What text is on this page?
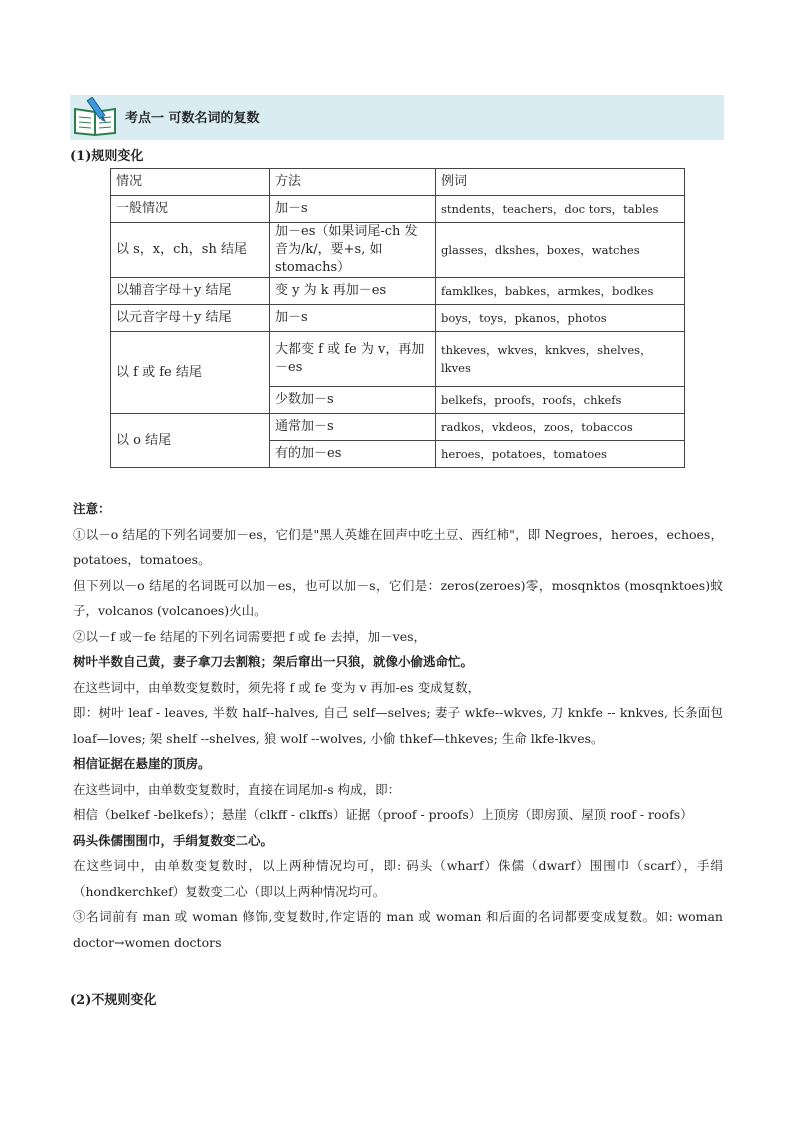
考点一 可数名词的复数
(1)规则变化
情况	方法	例词
一般情况	加－s	stndents，teachers，doc tors，tables
以 s，x，ch，sh 结尾	加－es（如果词尾-ch 发音为/k/，要+s, 如 stomachs）	glasses，dkshes，boxes，watches
以辅音字母＋y 结尾	变 y 为 k 再加－es	famklkes，babkes，armkes，bodkes
以元音字母＋y 结尾	加－s	boys，toys，pkanos，photos
以 f 或 fe 结尾	大都变 f 或 fe 为 v，再加－es	thkeves，wkves，knkves，shelves，lkves
	少数加－s	belkefs，proofs，roofs，chkefs
以 o 结尾	通常加－s	radkos，vkdeos，zoos，tobaccos
	有的加－es	heroes，potatoes，tomatoes

注意：

①以－o 结尾的下列名词要加－es，它们是"黑人英雄在回声中吃土豆、西红柿"，即 Negroes，heroes，echoes，potatoes，tomatoes。

但下列以－o 结尾的名词既可以加－es，也可以加－s，它们是：zeros(zeroes)零，mosqnktos (mosqnktoes)蚊子，volcanos (volcanoes)火山。

②以－f 或－fe 结尾的下列名词需要把 f 或 fe 去掉，加－ves，

树叶半数自己黄，妻子拿刀去割粮；架后窜出一只狼，就像小偷逃命忙。

在这些词中，由单数变复数时，须先将 f 或 fe 变为 v 再加-es 变成复数，

即：树叶 leaf - leaves, 半数 half--halves, 自己 self—selves; 妻子 wkfe--wkves, 刀 knkfe -- knkves, 长条面包 loaf—loves; 架 shelf --shelves, 狼 wolf --wolves, 小偷 thkef—thkeves; 生命 lkfe-lkves。

相信证据在悬崖的顶房。

在这些词中，由单数变复数时，直接在词尾加-s 构成，即：

相信（belkef -belkefs）；悬崖（clkff - clkffs）证据（proof - proofs）上顶房（即房顶、屋顶 roof - roofs）

码头侏儒围围巾，手绢复数变二心。

在这些词中，由单数变复数时，以上两种情况均可，即: 码头（wharf）侏儒（dwarf）围围巾（scarf），手绢（hondkerchkef）复数变二心（即以上两种情况均可。

③名词前有 man 或 woman 修饰,变复数时,作定语的 man 或 woman 和后面的名词都要变成复数。如: woman doctor→women doctors

(2)不规则变化
